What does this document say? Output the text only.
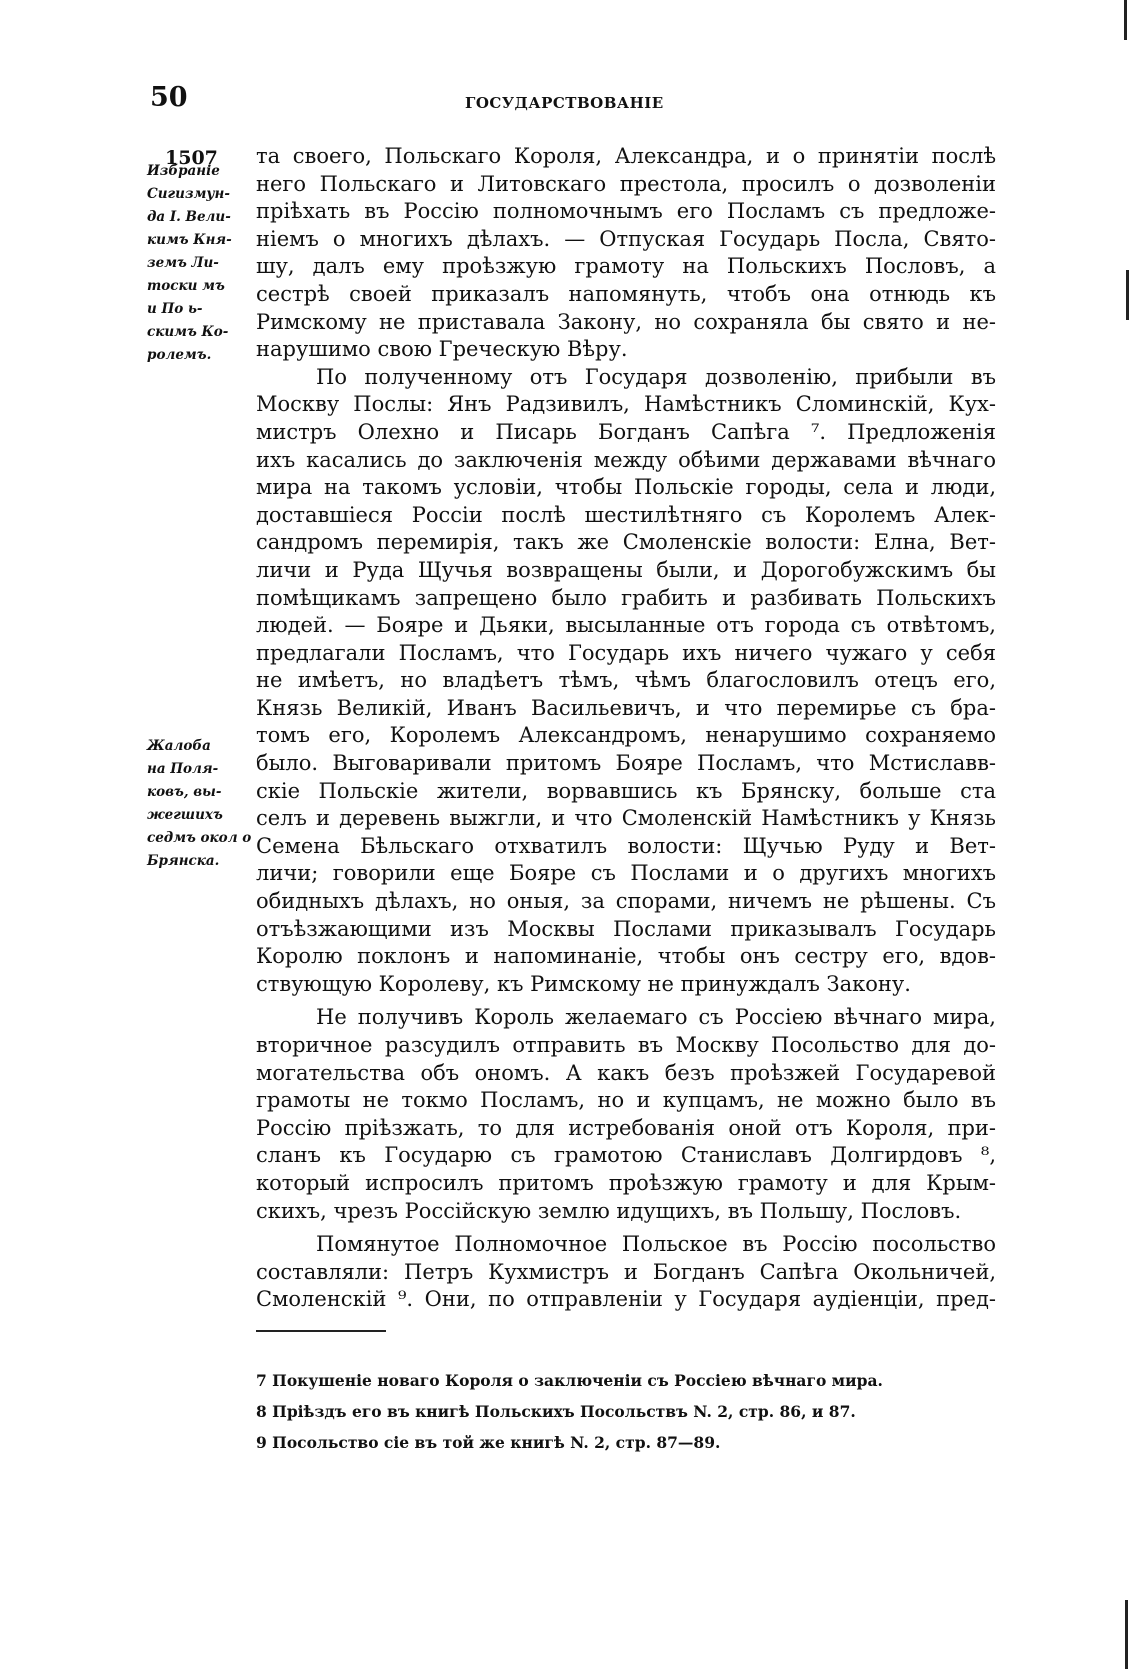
50	ГОСУДАРСТВОВАНІЕ
1507
Избраніе
Сигизмун-
да I. Вели-
кимъ Кня-
земъ Ли-
тоски мъ
и По ь-
скимъ Ко-
ролемъ.
Жалоба
на Поля-
ковъ, вы-
жегшихъ
седмъ окол о
Брянска.
та своего, Польскаго Короля, Александра, и о принятіи послѣ
него Польскаго и Литовскаго престола, просилъ о дозволеніи
пріѣхать въ Россію полномочнымъ его Посламъ съ предложе-
ніемъ о многихъ дѣлахъ. — Отпуская Государь Посла, Свято-
шу, далъ ему проѣзжую грамоту на Польскихъ Пословъ, а
сестрѣ своей приказалъ напомянуть, чтобъ она отнюдь къ
Римскому не приставала Закону, но сохраняла бы свято и не-
нарушимо свою Греческую Вѣру.
По полученному отъ Государя дозволенію, прибыли въ
Москву Послы: Янъ Радзивилъ, Намѣстникъ Сломинскій, Кух-
мистръ Олехно и Писарь Богданъ Сапѣга ⁷. Предложенія
ихъ касались до заключенія между обѣими державами вѣчнаго
мира на такомъ условіи, чтобы Польскіе городы, села и люди,
доставшіеся Россіи послѣ шестилѣтняго съ Королемъ Алек-
сандромъ перемирія, такъ же Смоленскіе волости: Елна, Вет-
личи и Руда Щучья возвращены были, и Дорогобужскимъ бы
помѣщикамъ запрещено было грабить и разбивать Польскихъ
людей. — Бояре и Дьяки, высыланные отъ города съ отвѣтомъ,
предлагали Посламъ, что Государь ихъ ничего чужаго у себя
не имѣетъ, но владѣетъ тѣмъ, чѣмъ благословилъ отецъ его,
Князь Великій, Иванъ Васильевичъ, и что перемирье съ бра-
томъ его, Королемъ Александромъ, ненарушимо сохраняемо
было. Выговаривали притомъ Бояре Посламъ, что Мстиславв-
скіе Польскіе жители, ворвавшись къ Брянску, больше ста
селъ и деревень выжгли, и что Смоленскій Намѣстникъ у Князь
Семена Бѣльскаго отхватилъ волости: Щучью Руду и Вет-
личи; говорили еще Бояре съ Послами и о другихъ многихъ
обидныхъ дѣлахъ, но оныя, за спорами, ничемъ не рѣшены. Съ
отъѣзжающими изъ Москвы Послами приказывалъ Государь
Королю поклонъ и напоминаніе, чтобы онъ сестру его, вдов-
ствующую Королеву, къ Римскому не принуждалъ Закону.
Не получивъ Король желаемаго съ Россіею вѣчнаго мира,
вторичное разсудилъ отправить въ Москву Посольство для до-
могательства объ ономъ. А какъ безъ проѣзжей Государевой
грамоты не токмо Посламъ, но и купцамъ, не можно было въ
Россію пріѣзжать, то для истребованія оной отъ Короля, при-
сланъ къ Государю съ грамотою Станиславъ Долгирдовъ ⁸,
который испросилъ притомъ проѣзжую грамоту и для Крым-
скихъ, чрезъ Россійскую землю идущихъ, въ Польшу, Пословъ.
Помянутое Полномочное Польское въ Россію посольство
составляли: Петръ Кухмистръ и Богданъ Сапѣга Окольничей,
Смоленскій ⁹. Они, по отправленіи у Государя аудіенціи, пред-
7 Покушеніе новаго Короля о заключеніи съ Россіею вѣчнаго мира.
8 Пріѣздъ его въ книгѣ Польскихъ Посольствъ N. 2, стр. 86, и 87.
9 Посольство сіе въ той же книгѣ N. 2, стр. 87—89.
